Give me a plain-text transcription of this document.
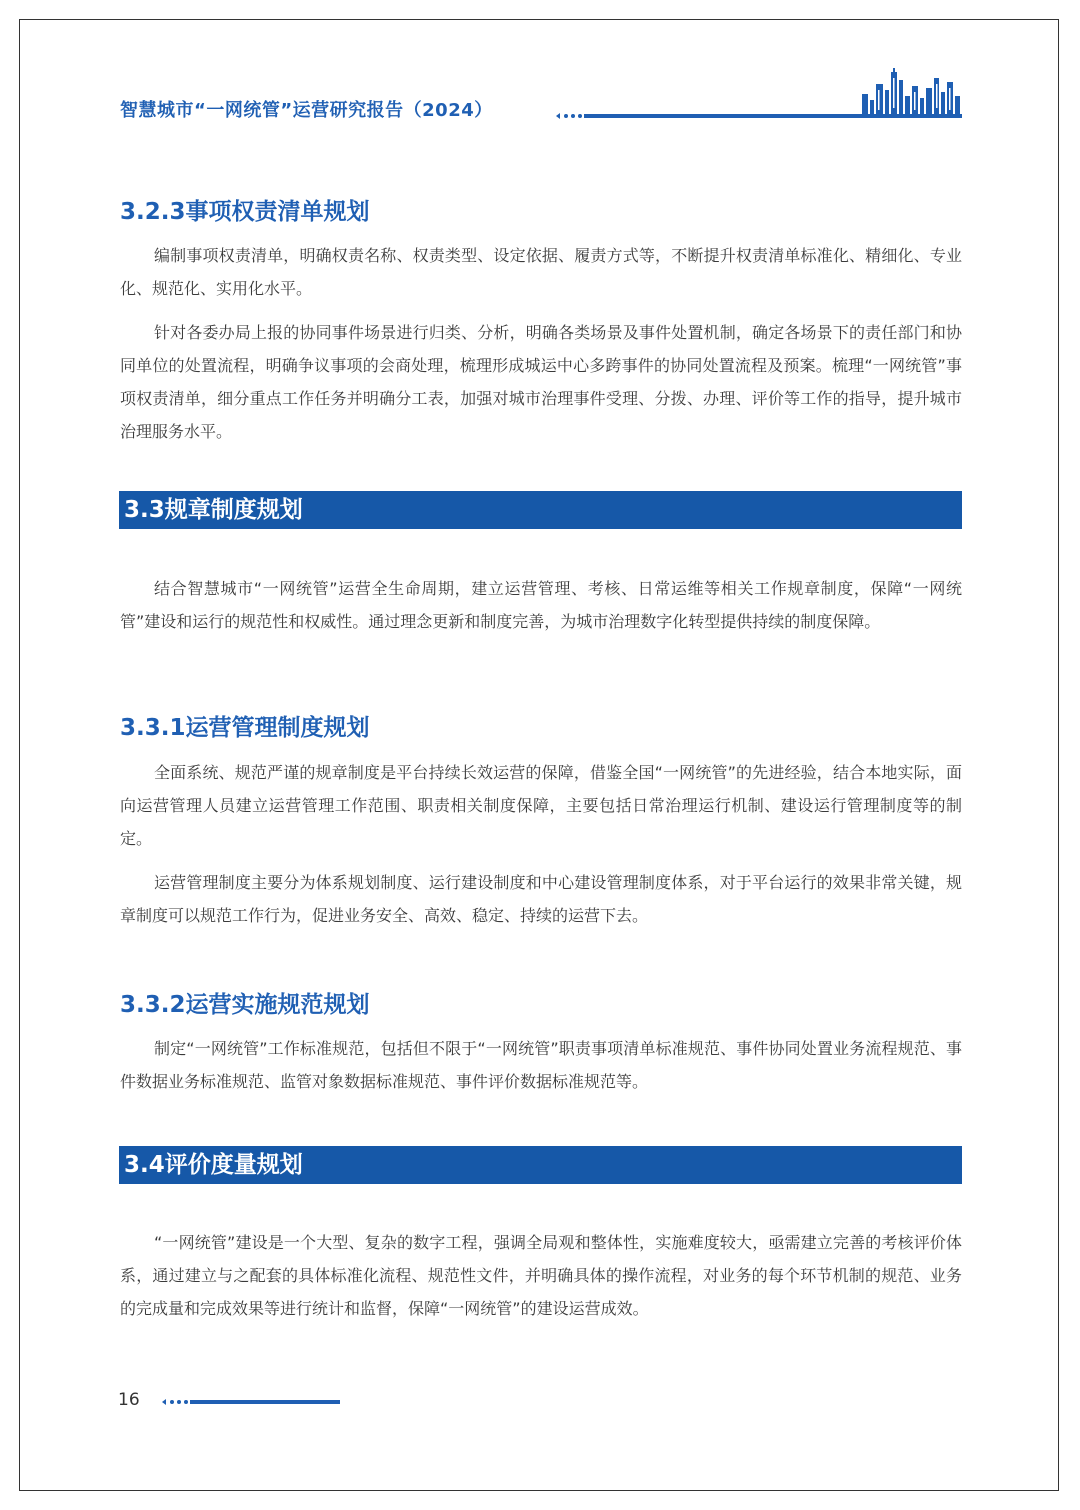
智慧城市“一网统管”运营研究报告（2024）
3.2.3事项权责清单规划

编制事项权责清单，明确权责名称、权责类型、设定依据、履责方式等，不断提升权责清单标准化、精细化、专业化、规范化、实用化水平。

针对各委办局上报的协同事件场景进行归类、分析，明确各类场景及事件处置机制，确定各场景下的责任部门和协同单位的处置流程，明确争议事项的会商处理，梳理形成城运中心多跨事件的协同处置流程及预案。梳理“一网统管”事项权责清单，细分重点工作任务并明确分工表，加强对城市治理事件受理、分拨、办理、评价等工作的指导，提升城市治理服务水平。

3.3规章制度规划

结合智慧城市“一网统管”运营全生命周期，建立运营管理、考核、日常运维等相关工作规章制度，保障“一网统管”建设和运行的规范性和权威性。通过理念更新和制度完善，为城市治理数字化转型提供持续的制度保障。

3.3.1运营管理制度规划

全面系统、规范严谨的规章制度是平台持续长效运营的保障，借鉴全国“一网统管”的先进经验，结合本地实际，面向运营管理人员建立运营管理工作范围、职责相关制度保障，主要包括日常治理运行机制、建设运行管理制度等的制定。

运营管理制度主要分为体系规划制度、运行建设制度和中心建设管理制度体系，对于平台运行的效果非常关键，规章制度可以规范工作行为，促进业务安全、高效、稳定、持续的运营下去。

3.3.2运营实施规范规划

制定“一网统管”工作标准规范，包括但不限于“一网统管”职责事项清单标准规范、事件协同处置业务流程规范、事件数据业务标准规范、监管对象数据标准规范、事件评价数据标准规范等。

3.4评价度量规划

“一网统管”建设是一个大型、复杂的数字工程，强调全局观和整体性，实施难度较大，亟需建立完善的考核评价体系，通过建立与之配套的具体标准化流程、规范性文件，并明确具体的操作流程，对业务的每个环节机制的规范、业务的完成量和完成效果等进行统计和监督，保障“一网统管”的建设运营成效。

16
